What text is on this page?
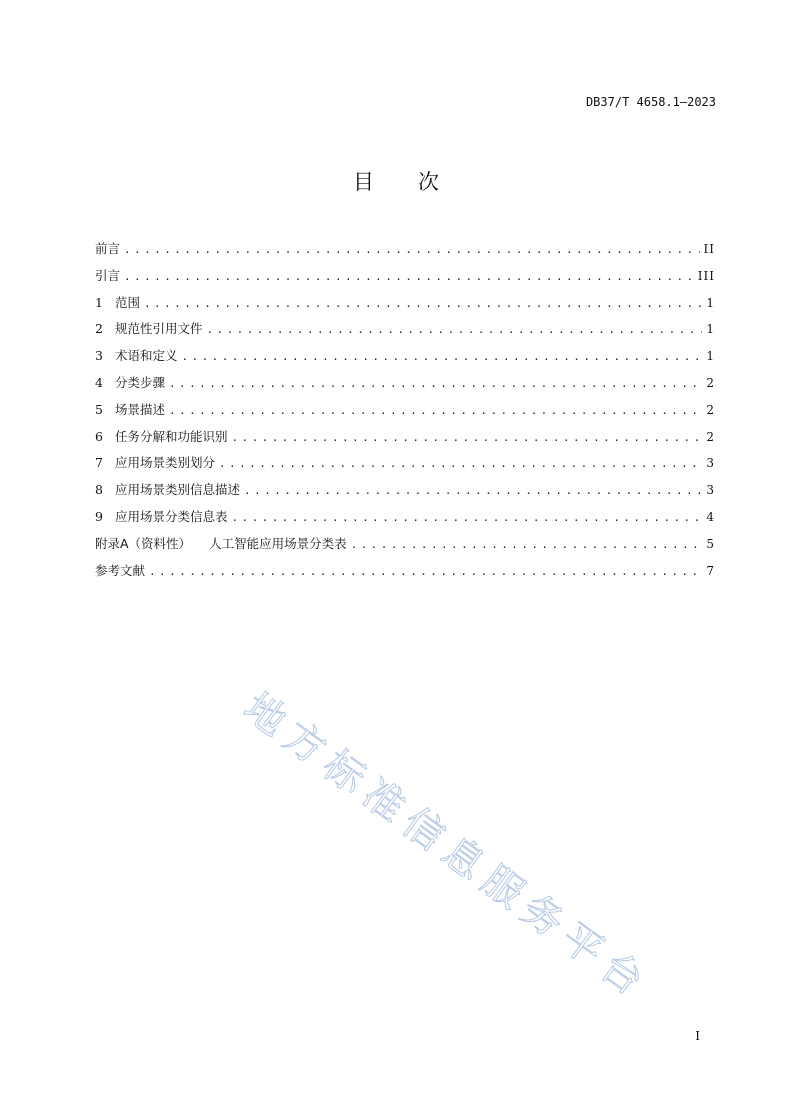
DB37/T 4658.1—2023
目次
前言 . . .	II
引言 . . .	III
1 范围 . . .	1
2 规范性引用文件 . . .	1
3 术语和定义 . . .	1
4 分类步骤 . . .	2
5 场景描述 . . .	2
6 任务分解和功能识别 . . .	2
7 应用场景类别划分 . . .	3
8 应用场景类别信息描述 . . .	3
9 应用场景分类信息表 . . .	4
附录A（资料性） 人工智能应用场景分类表 . . .	5
参考文献 . . .	7
地方标准信息服务平台
I
